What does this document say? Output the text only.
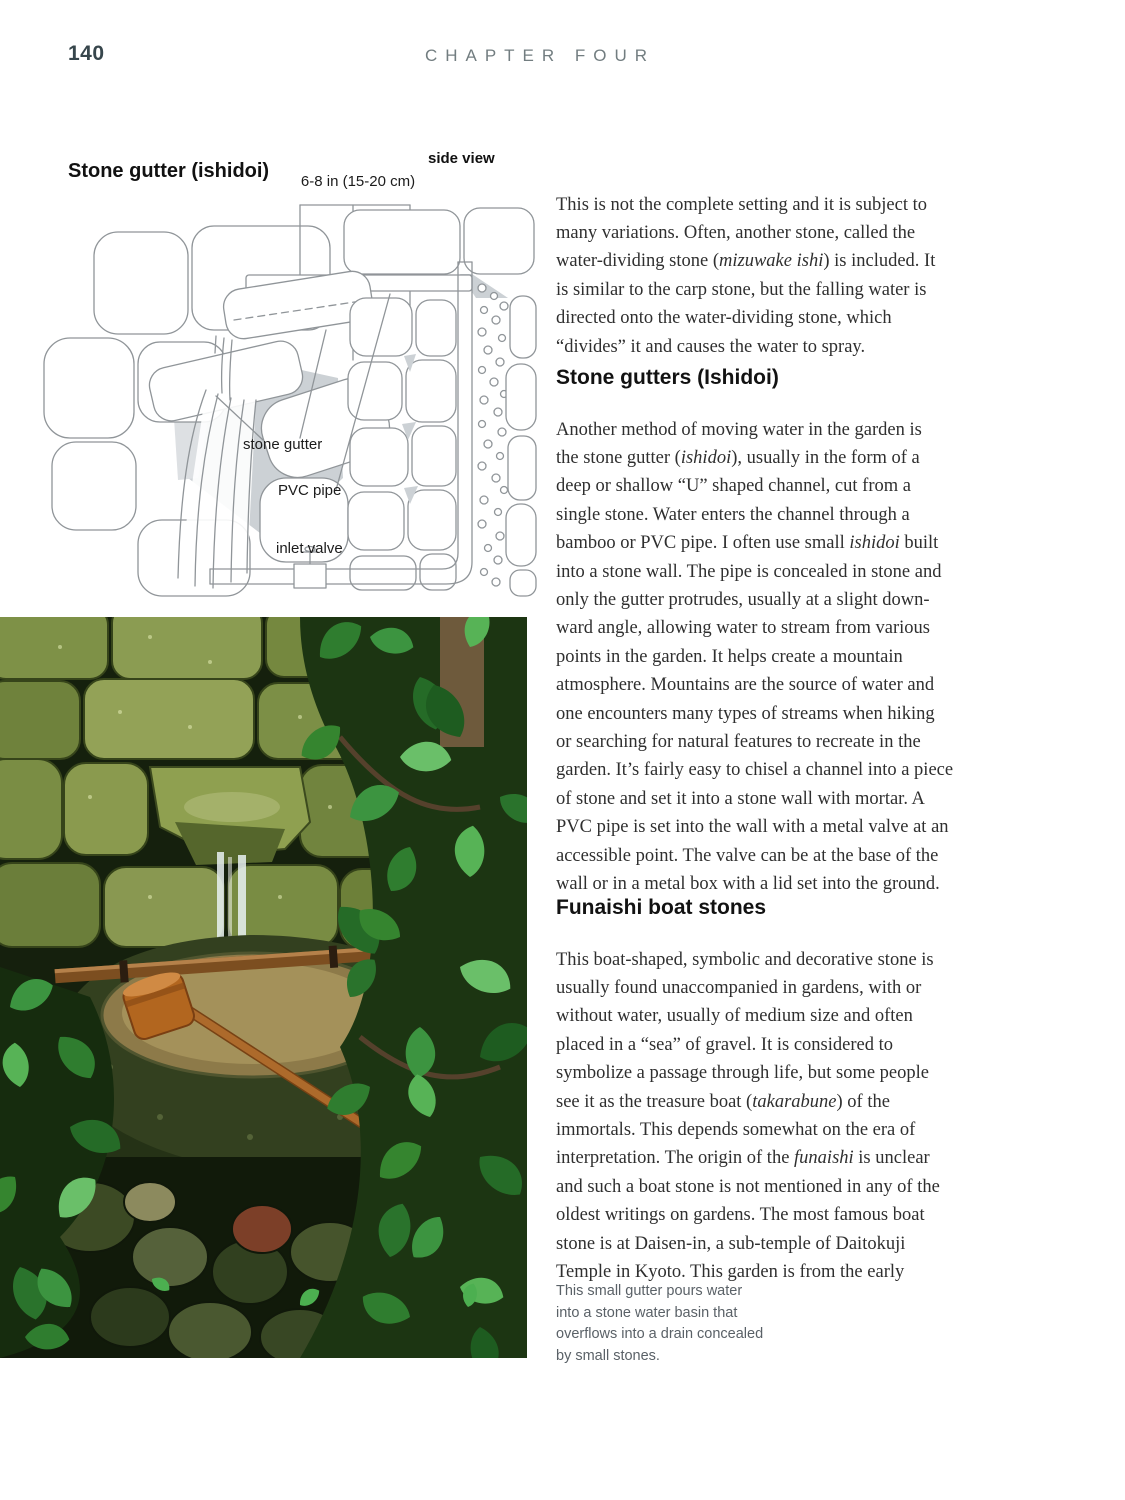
140	CHAPTER FOUR
Stone gutter (ishidoi)
side view
6-8 in (15-20 cm)
stone gutter
PVC pipe
inlet valve

This is not the complete setting and it is subject to
many variations. Often, another stone, called the
water-dividing stone (mizuwake ishi) is included. It
is similar to the carp stone, but the falling water is
directed onto the water-dividing stone, which
“divides” it and causes the water to spray.

Stone gutters (Ishidoi)

Another method of moving water in the garden is
the stone gutter (ishidoi), usually in the form of a
deep or shallow “U” shaped channel, cut from a
single stone. Water enters the channel through a
bamboo or PVC pipe. I often use small ishidoi built
into a stone wall. The pipe is concealed in stone and
only the gutter protrudes, usually at a slight down-
ward angle, allowing water to stream from various
points in the garden. It helps create a mountain
atmosphere. Mountains are the source of water and
one encounters many types of streams when hiking
or searching for natural features to recreate in the
garden. It’s fairly easy to chisel a channel into a piece
of stone and set it into a stone wall with mortar. A
PVC pipe is set into the wall with a metal valve at an
accessible point. The valve can be at the base of the
wall or in a metal box with a lid set into the ground.

Funaishi boat stones

This boat-shaped, symbolic and decorative stone is
usually found unaccompanied in gardens, with or
without water, usually of medium size and often
placed in a “sea” of gravel. It is considered to
symbolize a passage through life, but some people
see it as the treasure boat (takarabune) of the
immortals. This depends somewhat on the era of
interpretation. The origin of the funaishi is unclear
and such a boat stone is not mentioned in any of the
oldest writings on gardens. The most famous boat
stone is at Daisen-in, a sub-temple of Daitokuji
Temple in Kyoto. This garden is from the early

This small gutter pours water
into a stone water basin that
overflows into a drain concealed
by small stones.
